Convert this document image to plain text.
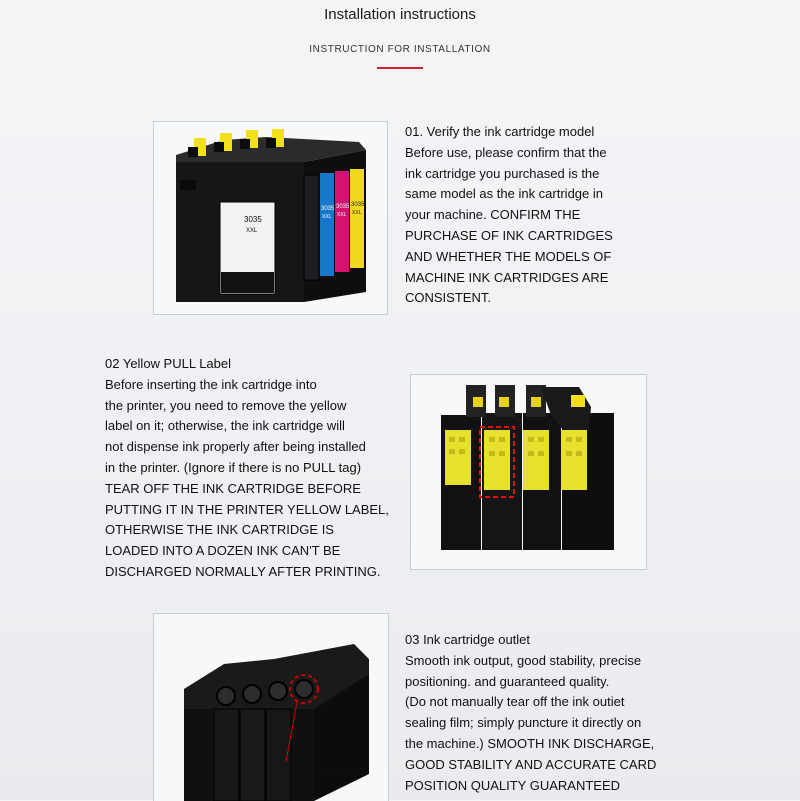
Installation instructions
INSTRUCTION FOR INSTALLATION
3035
XXL
3035
XXL
3035
XXL
3035
XXL
01. Verify the ink cartridge model
Before use, please confirm that the
ink cartridge you purchased is the
same model as the ink cartridge in
your machine. CONFIRM THE
PURCHASE OF INK CARTRIDGES
AND WHETHER THE MODELS OF
MACHINE INK CARTRIDGES ARE
CONSISTENT.
02 Yellow PULL Label
Before inserting the ink cartridge into
the printer, you need to remove the yellow
label on it; otherwise, the ink cartridge will
not dispense ink properly after being installed
in the printer. (Ignore if there is no PULL tag)
TEAR OFF THE INK CARTRIDGE BEFORE
PUTTING IT IN THE PRINTER YELLOW LABEL,
OTHERWISE THE INK CARTRIDGE IS
LOADED INTO A DOZEN INK CAN'T BE
DISCHARGED NORMALLY AFTER PRINTING.
Ink outlet
03 Ink cartridge outlet
Smooth ink output, good stability, precise
positioning. and guaranteed quality.
(Do not manually tear off the ink outiet
sealing film; simply puncture it directly on
the machine.) SMOOTH INK DISCHARGE,
GOOD STABILITY AND ACCURATE CARD
POSITION QUALITY GUARANTEED
